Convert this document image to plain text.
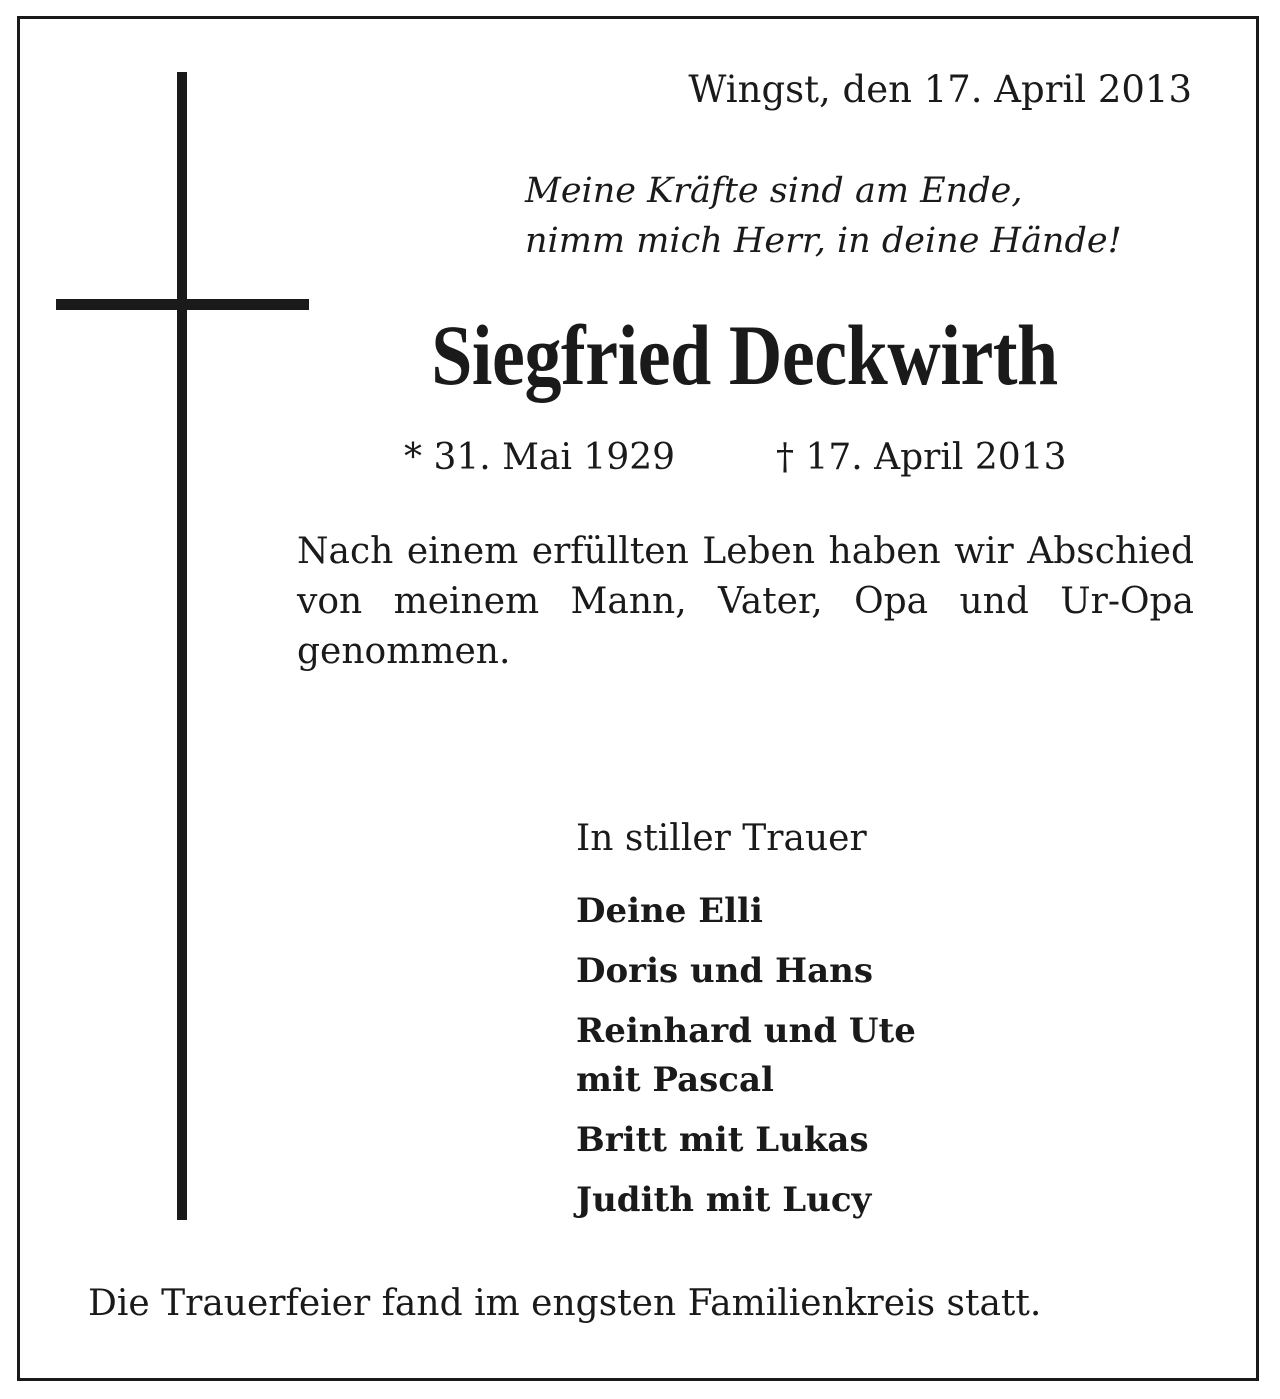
Wingst, den 17. April 2013
Meine Kräfte sind am Ende,
nimm mich Herr, in deine Hände!
Siegfried Deckwirth
* 31. Mai 1929	† 17. April 2013

Nach einem erfüllten Leben haben wir Abschied von meinem Mann, Vater, Opa und Ur-Opa genommen.

In stiller Trauer
Deine Elli
Doris und Hans
Reinhard und Ute
mit Pascal
Britt mit Lukas
Judith mit Lucy
Die Trauerfeier fand im engsten Familienkreis statt.
